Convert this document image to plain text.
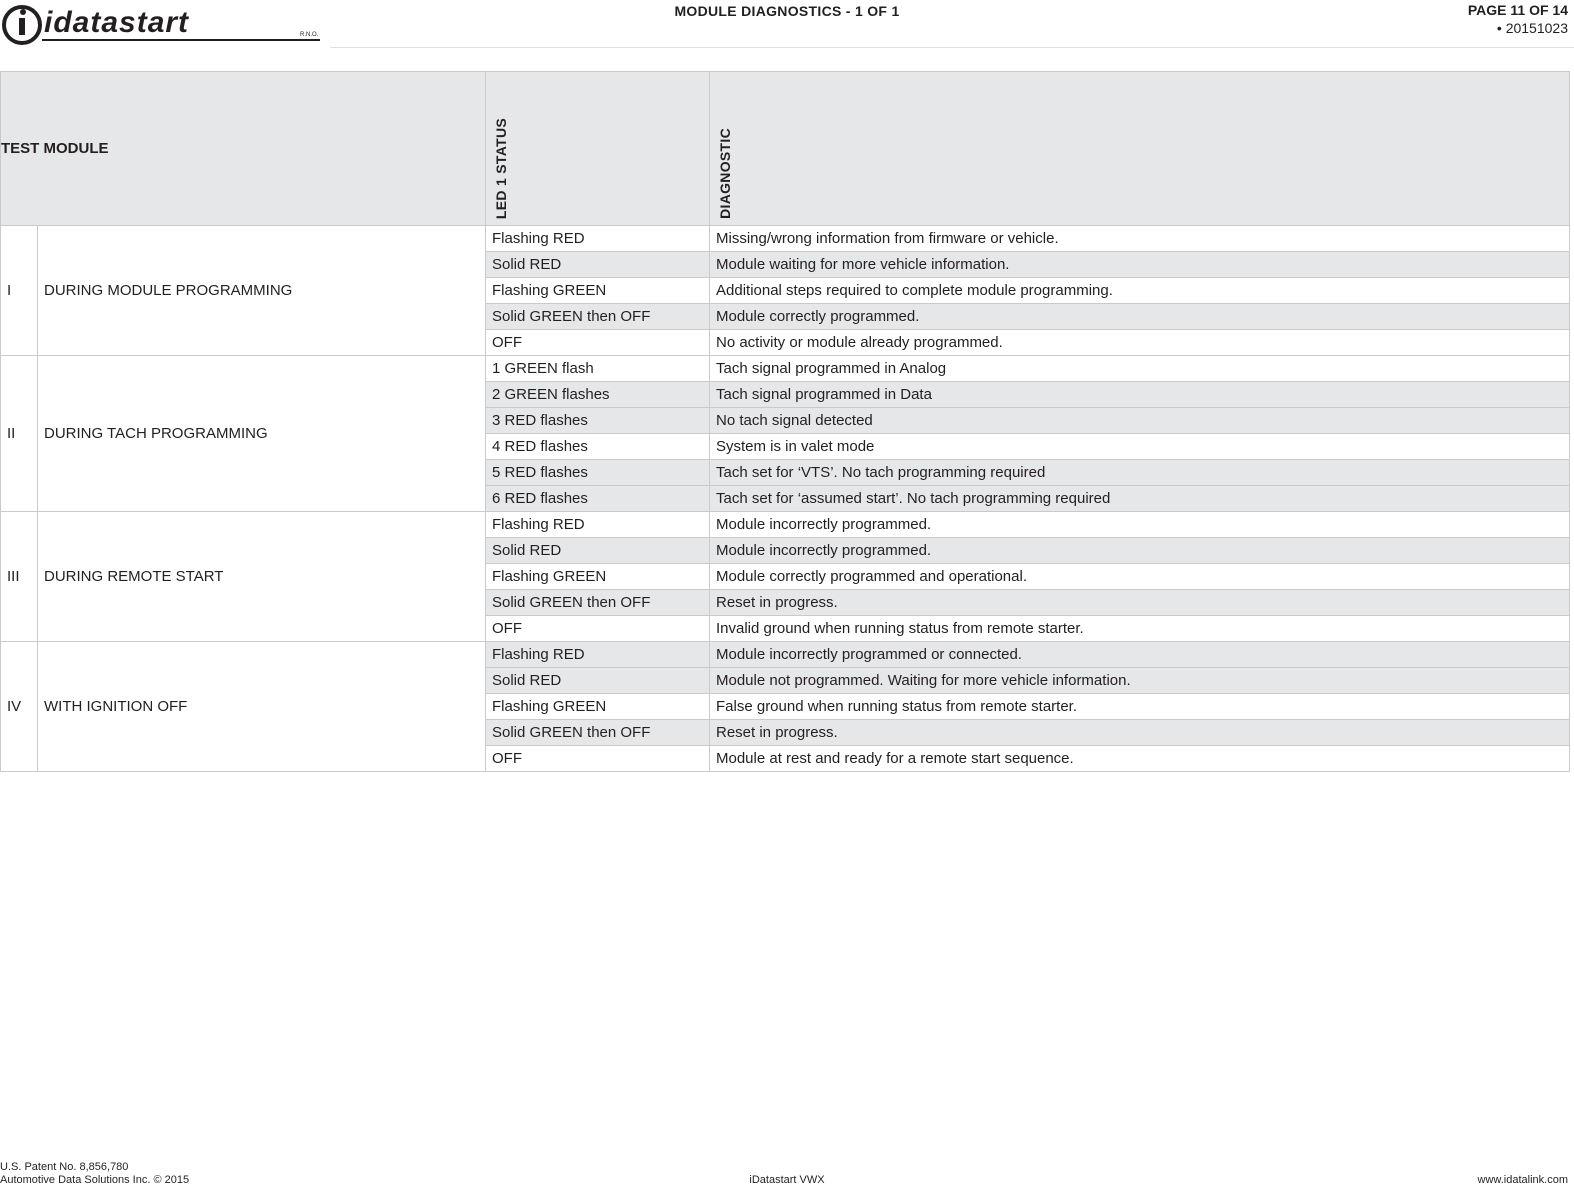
idatastart	R.N.O.
MODULE DIAGNOSTICS - 1 OF 1	PAGE 11 OF 14
• 20151023
TEST MODULE		LED 1 STATUS	DIAGNOSTIC

I	DURING MODULE PROGRAMMING	Flashing RED	Missing/wrong information from firmware or vehicle.
		Solid RED	Module waiting for more vehicle information.
		Flashing GREEN	Additional steps required to complete module programming.
		Solid GREEN then OFF	Module correctly programmed.
		OFF	No activity or module already programmed.
II	DURING TACH PROGRAMMING	1 GREEN flash	Tach signal programmed in Analog
		2 GREEN flashes	Tach signal programmed in Data
		3 RED flashes	No tach signal detected
		4 RED flashes	System is in valet mode
		5 RED flashes	Tach set for ‘VTS’. No tach programming required
		6 RED flashes	Tach set for ‘assumed start’. No tach programming required
III	DURING REMOTE START	Flashing RED	Module incorrectly programmed.
		Solid RED	Module incorrectly programmed.
		Flashing GREEN	Module correctly programmed and operational.
		Solid GREEN then OFF	Reset in progress.
		OFF	Invalid ground when running status from remote starter.
IV	WITH IGNITION OFF	Flashing RED	Module incorrectly programmed or connected.
		Solid RED	Module not programmed. Waiting for more vehicle information.
		Flashing GREEN	False ground when running status from remote starter.
		Solid GREEN then OFF	Reset in progress.
		OFF	Module at rest and ready for a remote start sequence.
U.S. Patent No. 8,856,780
Automotive Data Solutions Inc. © 2015	iDatastart VWX	www.idatalink.com
